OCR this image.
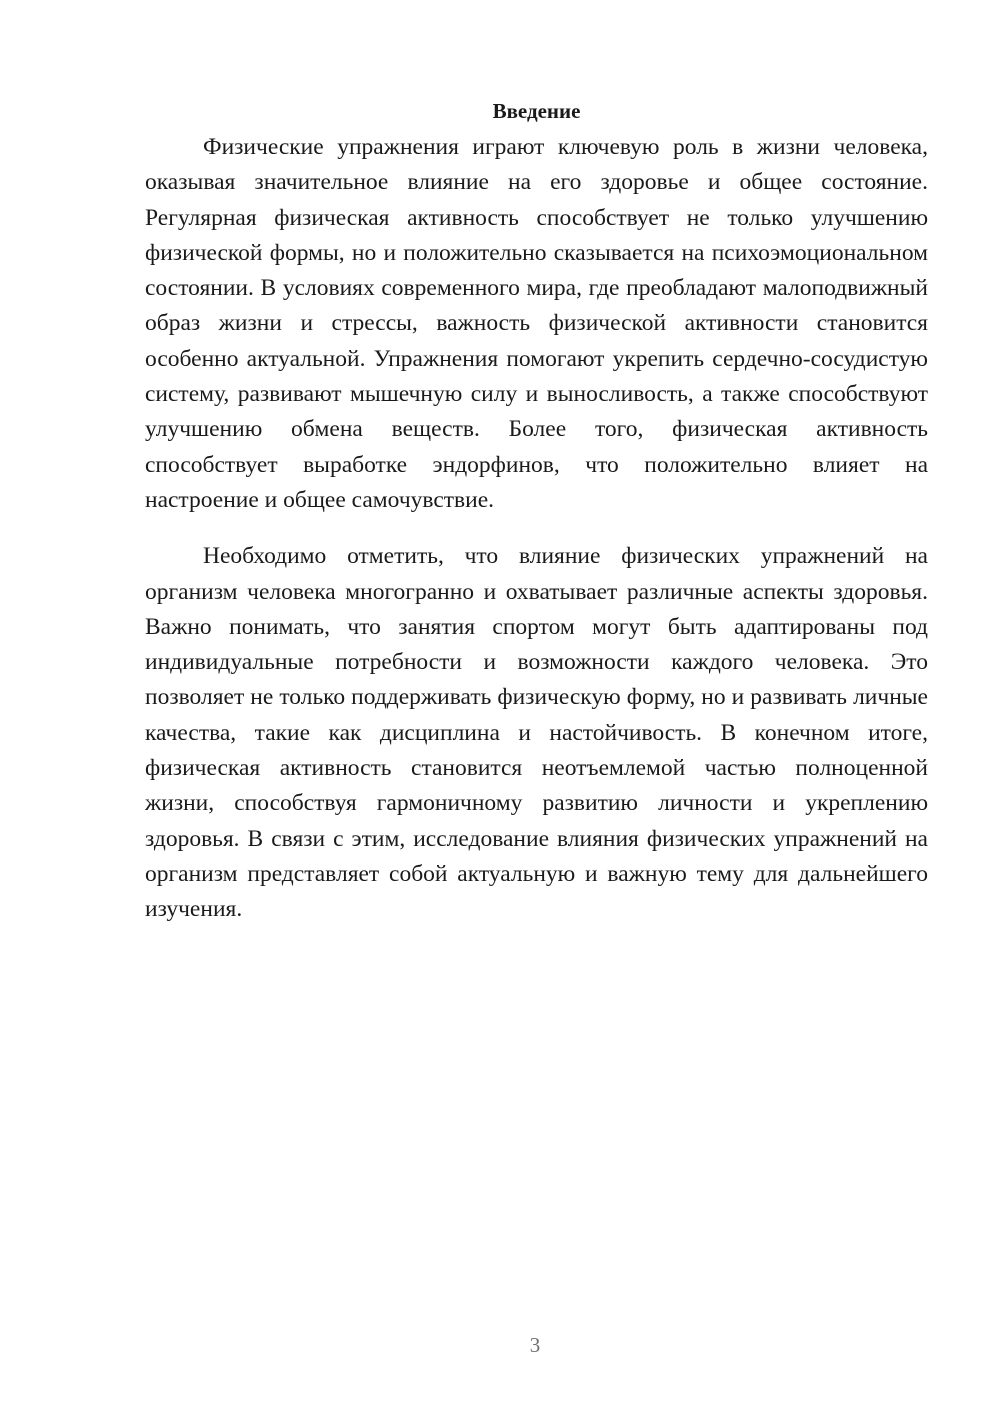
Введение

Физические упражнения играют ключевую роль в жизни человека, оказывая значительное влияние на его здоровье и общее состояние. Регулярная физическая активность способствует не только улучшению физической формы, но и положительно сказывается на психоэмоциональном состоянии. В условиях современного мира, где преобладают малоподвижный образ жизни и стрессы, важность физической активности становится особенно актуальной. Упражнения помогают укрепить сердечно-сосудистую систему, развивают мышечную силу и выносливость, а также способствуют улучшению обмена веществ. Более того, физическая активность способствует выработке эндорфинов, что положительно влияет на настроение и общее самочувствие.

Необходимо отметить, что влияние физических упражнений на организм человека многогранно и охватывает различные аспекты здоровья. Важно понимать, что занятия спортом могут быть адаптированы под индивидуальные потребности и возможности каждого человека. Это позволяет не только поддерживать физическую форму, но и развивать личные качества, такие как дисциплина и настойчивость. В конечном итоге, физическая активность становится неотъемлемой частью полноценной жизни, способствуя гармоничному развитию личности и укреплению здоровья. В связи с этим, исследование влияния физических упражнений на организм представляет собой актуальную и важную тему для дальнейшего изучения.

3
